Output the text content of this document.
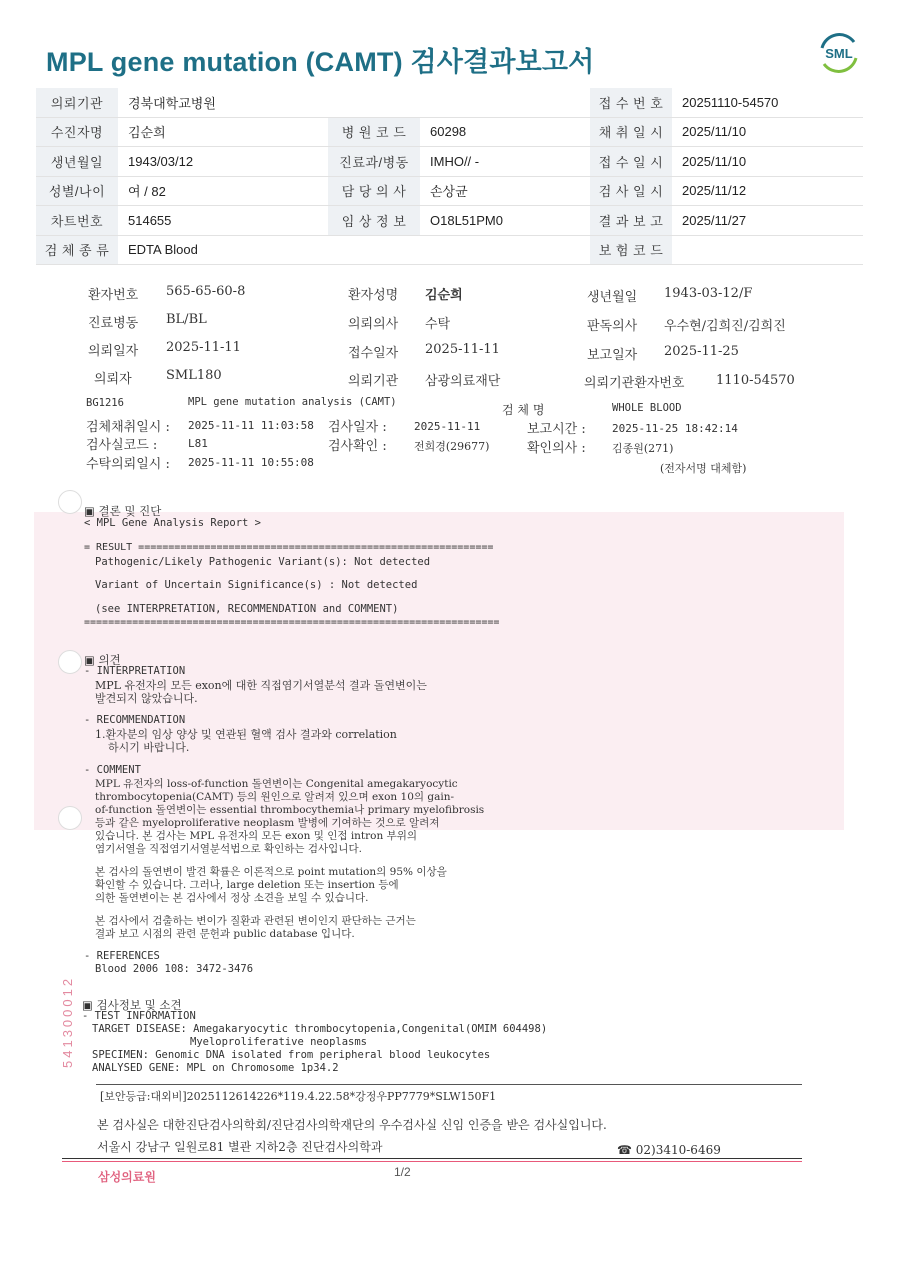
MPL gene mutation (CAMT) 검사결과보고서	SML
의뢰기관	경북대학교병원			접 수 번 호	20251110-54570
수진자명	김순희	병 원 코 드	60298	채 취 일 시	2025/11/10
생년월일	1943/03/12	진료과/병동	IMHO// -	접 수 일 시	2025/11/10
성별/나이	여 / 82	담 당 의 사	손상균	검 사 일 시	2025/11/12
차트번호	514655	임 상 정 보	O18L51PM0	결 과 보 고	2025/11/27
검 체 종 류	EDTA Blood			보 험 코 드	
환자번호 565-65-60-8	환자성명 김순희	생년월일 1943-03-12/F
진료병동 BL/BL	의뢰의사 수탁	판독의사 우수현/김희진/김희진
의뢰일자 2025-11-11	접수일자 2025-11-11	보고일자 2025-11-25
의뢰자	SML180	의뢰기관 삼광의료재단	의뢰기관환자번호 1110-54570
BG1216	MPL gene mutation analysis (CAMT)
검 체 명	WHOLE BLOOD
검체채취일시 : 2025-11-11 11:03:58 검사일자 : 2025-11-11	보고시간 : 2025-11-25 18:42:14
검사실코드 :	L81	검사확인 : 전희경(29677)	확인의사 : 김종원(271)
수탁의뢰일시 : 2025-11-11 10:55:08	(전자서명 대체함)
▣ 결론 및 진단
< MPL Gene Analysis Report >
= RESULT ===========================================================
Pathogenic/Likely Pathogenic Variant(s): Not detected
Variant of Uncertain Significance(s) : Not detected
(see INTERPRETATION, RECOMMENDATION and COMMENT)
=====================================================================
▣ 의견
- INTERPRETATION
MPL 유전자의 모든 exon에 대한 직접염기서열분석 결과 돌연변이는
발견되지 않았습니다.
- RECOMMENDATION
1.환자분의 임상 양상 및 연관된 혈액 검사 결과와 correlation
하시기 바랍니다.
- COMMENT
MPL 유전자의 loss-of-function 돌연변이는 Congenital amegakaryocytic
thrombocytopenia(CAMT) 등의 원인으로 알려져 있으며 exon 10의 gain-
of-function 돌연변이는 essential thrombocythemia나 primary myelofibrosis
등과 같은 myeloproliferative neoplasm 발병에 기여하는 것으로 알려져
있습니다. 본 검사는 MPL 유전자의 모든 exon 및 인접 intron 부위의
염기서열을 직접염기서열분석법으로 확인하는 검사입니다.
본 검사의 돌연변이 발견 확률은 이론적으로 point mutation의 95% 이상을
확인할 수 있습니다. 그러나, large deletion 또는 insertion 등에
의한 돌연변이는 본 검사에서 정상 소견을 보일 수 있습니다.
본 검사에서 검출하는 변이가 질환과 관련된 변이인지 판단하는 근거는
결과 보고 시점의 관련 문헌과 public database 입니다.
- REFERENCES
Blood 2006 108: 3472-3476
541300012 ▣ 검사정보 및 소견
- TEST INFORMATION
TARGET DISEASE: Amegakaryocytic thrombocytopenia,Congenital(OMIM 604498)
Myeloproliferative neoplasms
SPECIMEN: Genomic DNA isolated from peripheral blood leukocytes
ANALYSED GENE: MPL on Chromosome 1p34.2
[보안등급:대외비]2025112614226*119.4.22.58*강정우PP7779*SLW150F1
본 검사실은 대한진단검사의학회/진단검사의학재단의 우수검사실 신임 인증을 받은 검사실입니다.
서울시 강남구 일원로81 별관 지하2층 진단검사의학과	☎ 02)3410-6469
삼성의료원	1/2
